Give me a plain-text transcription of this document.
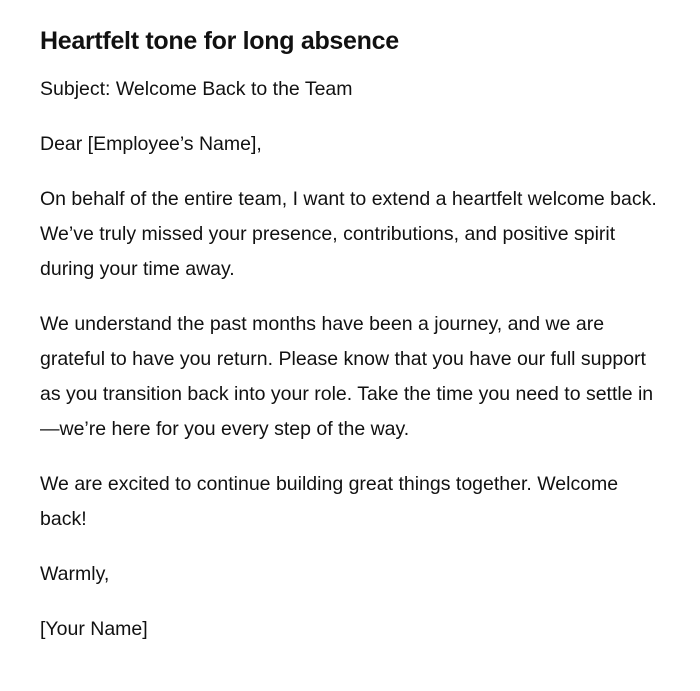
Heartfelt tone for long absence

Subject: Welcome Back to the Team

Dear [Employee’s Name],

On behalf of the entire team, I want to extend a heartfelt welcome back. We’ve truly missed your presence, contributions, and positive spirit during your time away.

We understand the past months have been a journey, and we are grateful to have you return. Please know that you have our full support as you transition back into your role. Take the time you need to settle in—we’re here for you every step of the way.

We are excited to continue building great things together. Welcome back!

Warmly,

[Your Name]
